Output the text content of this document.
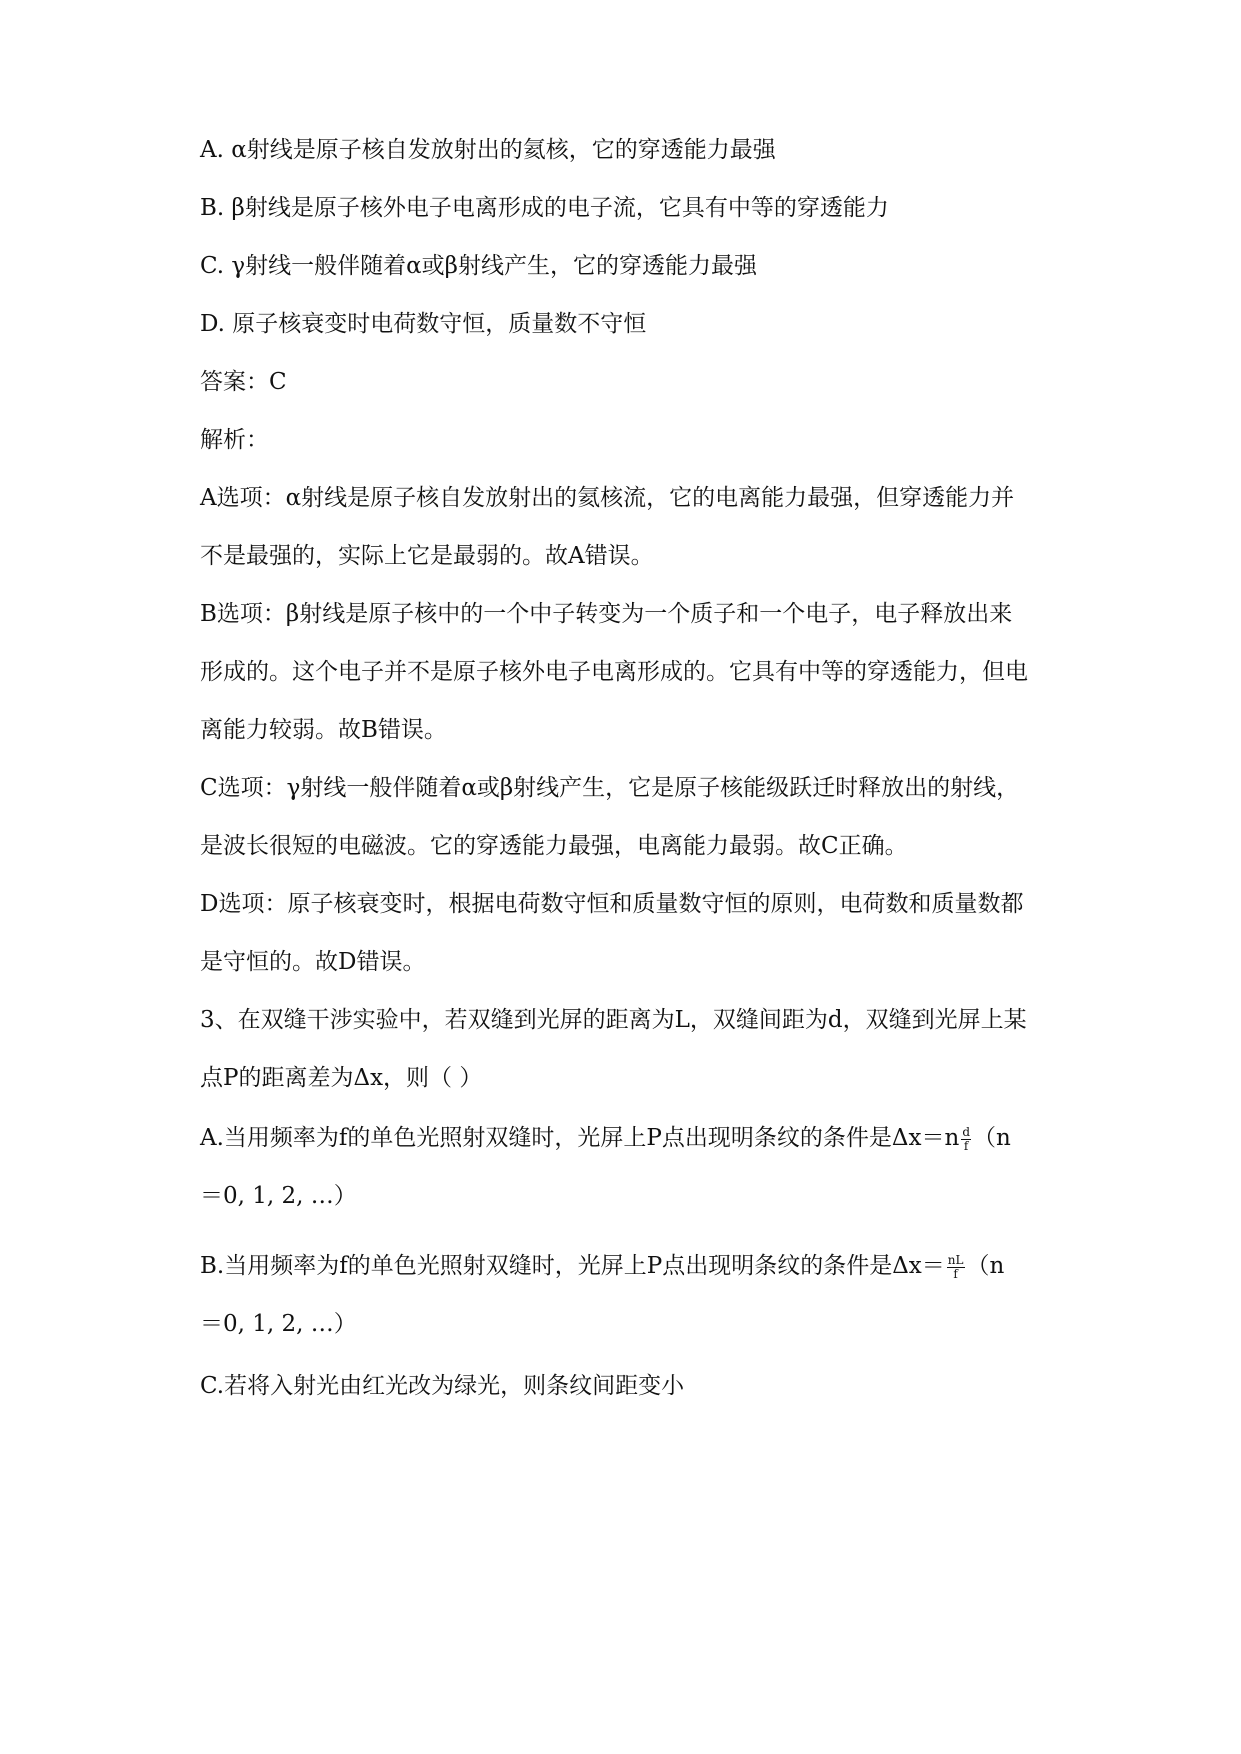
A. α射线是原子核自发放射出的氦核，它的穿透能力最强
B. β射线是原子核外电子电离形成的电子流，它具有中等的穿透能力
C. γ射线一般伴随着α或β射线产生，它的穿透能力最强
D. 原子核衰变时电荷数守恒，质量数不守恒
答案：C
解析：
A选项：α射线是原子核自发放射出的氦核流，它的电离能力最强，但穿透能力并
不是最强的，实际上它是最弱的。故A错误。
B选项：β射线是原子核中的一个中子转变为一个质子和一个电子，电子释放出来
形成的。这个电子并不是原子核外电子电离形成的。它具有中等的穿透能力，但电
离能力较弱。故B错误。
C选项：γ射线一般伴随着α或β射线产生，它是原子核能级跃迁时释放出的射线，
是波长很短的电磁波。它的穿透能力最强，电离能力最弱。故C正确。
D选项：原子核衰变时，根据电荷数守恒和质量数守恒的原则，电荷数和质量数都
是守恒的。故D错误。
3、在双缝干涉实验中，若双缝到光屏的距离为L，双缝间距为d，双缝到光屏上某
点P的距离差为Δx，则（ ）
A.当用频率为f的单色光照射双缝时，光屏上P点出现明条纹的条件是$\Delta x=n \frac{d}{f} (n$
＝0, 1, 2, …）
B.当用频率为f的单色光照射双缝时，光屏上P点出现明条纹的条件是$\Delta x= \frac{nL}{f} (n$
＝0, 1, 2, …）
C.若将入射光由红光改为绿光，则条纹间距变小
